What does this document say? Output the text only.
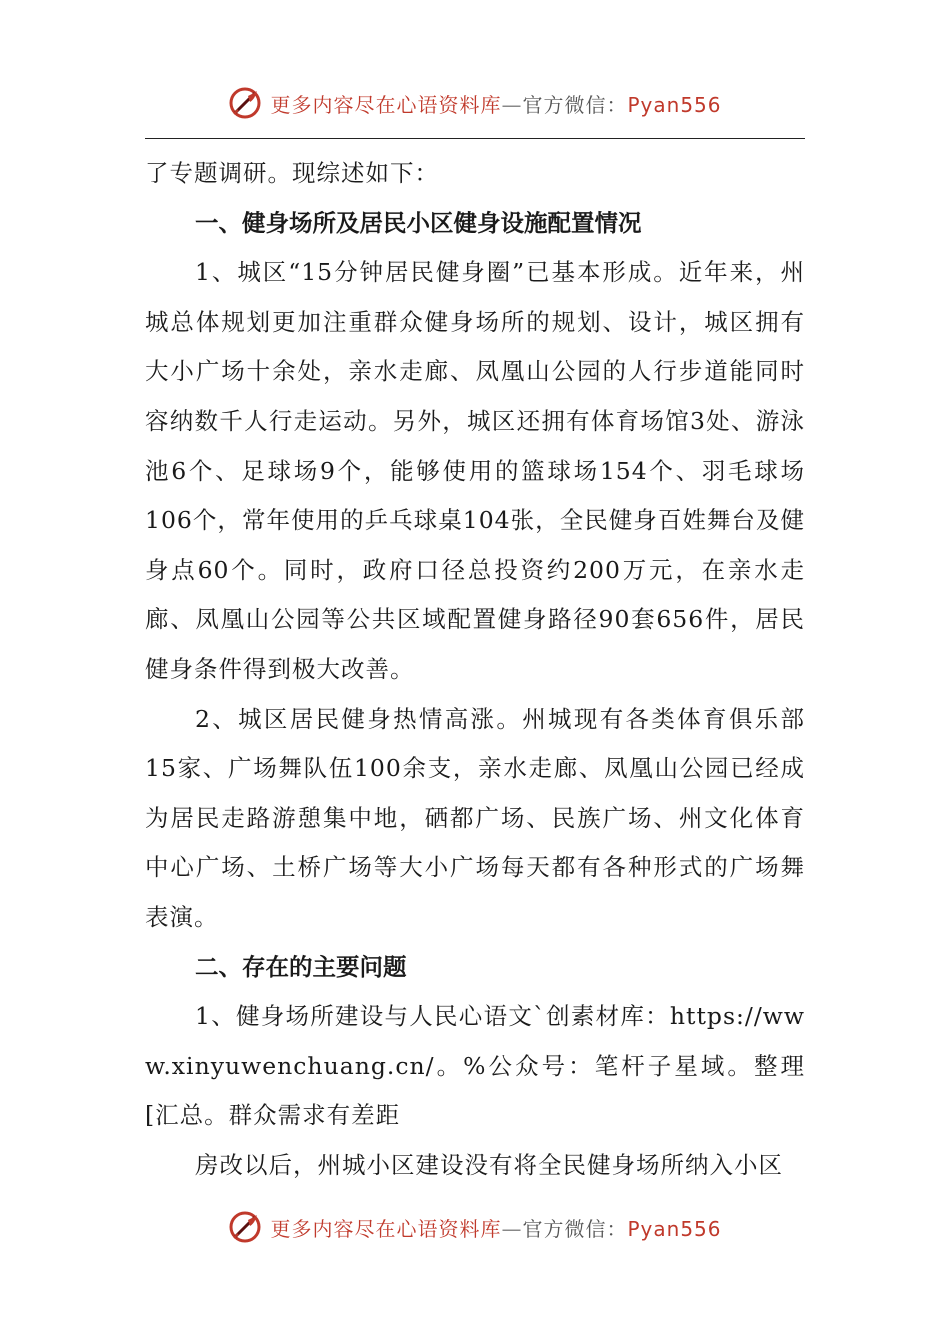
更多内容尽在心语资料库—官方微信：Pyan556

了专题调研。现综述如下：

一、健身场所及居民小区健身设施配置情况

1、城区“15分钟居民健身圈”已基本形成。近年来，州城总体规划更加注重群众健身场所的规划、设计，城区拥有大小广场十余处，亲水走廊、凤凰山公园的人行步道能同时容纳数千人行走运动。另外，城区还拥有体育场馆3处、游泳池6个、足球场9个，能够使用的篮球场154个、羽毛球场106个，常年使用的乒乓球桌104张，全民健身百姓舞台及健身点60个。同时，政府口径总投资约200万元，在亲水走廊、凤凰山公园等公共区域配置健身路径90套656件，居民健身条件得到极大改善。

2、城区居民健身热情高涨。州城现有各类体育俱乐部15家、广场舞队伍100余支，亲水走廊、凤凰山公园已经成为居民走路游憩集中地，硒都广场、民族广场、州文化体育中心广场、土桥广场等大小广场每天都有各种形式的广场舞表演。

二、存在的主要问题

1、健身场所建设与人民心语文`创素材库：https://www.xinyuwenchuang.cn/。%公众号：笔杆子星域。整理[汇总。群众需求有差距

房改以后，州城小区建设没有将全民健身场所纳入小区

更多内容尽在心语资料库—官方微信：Pyan556
